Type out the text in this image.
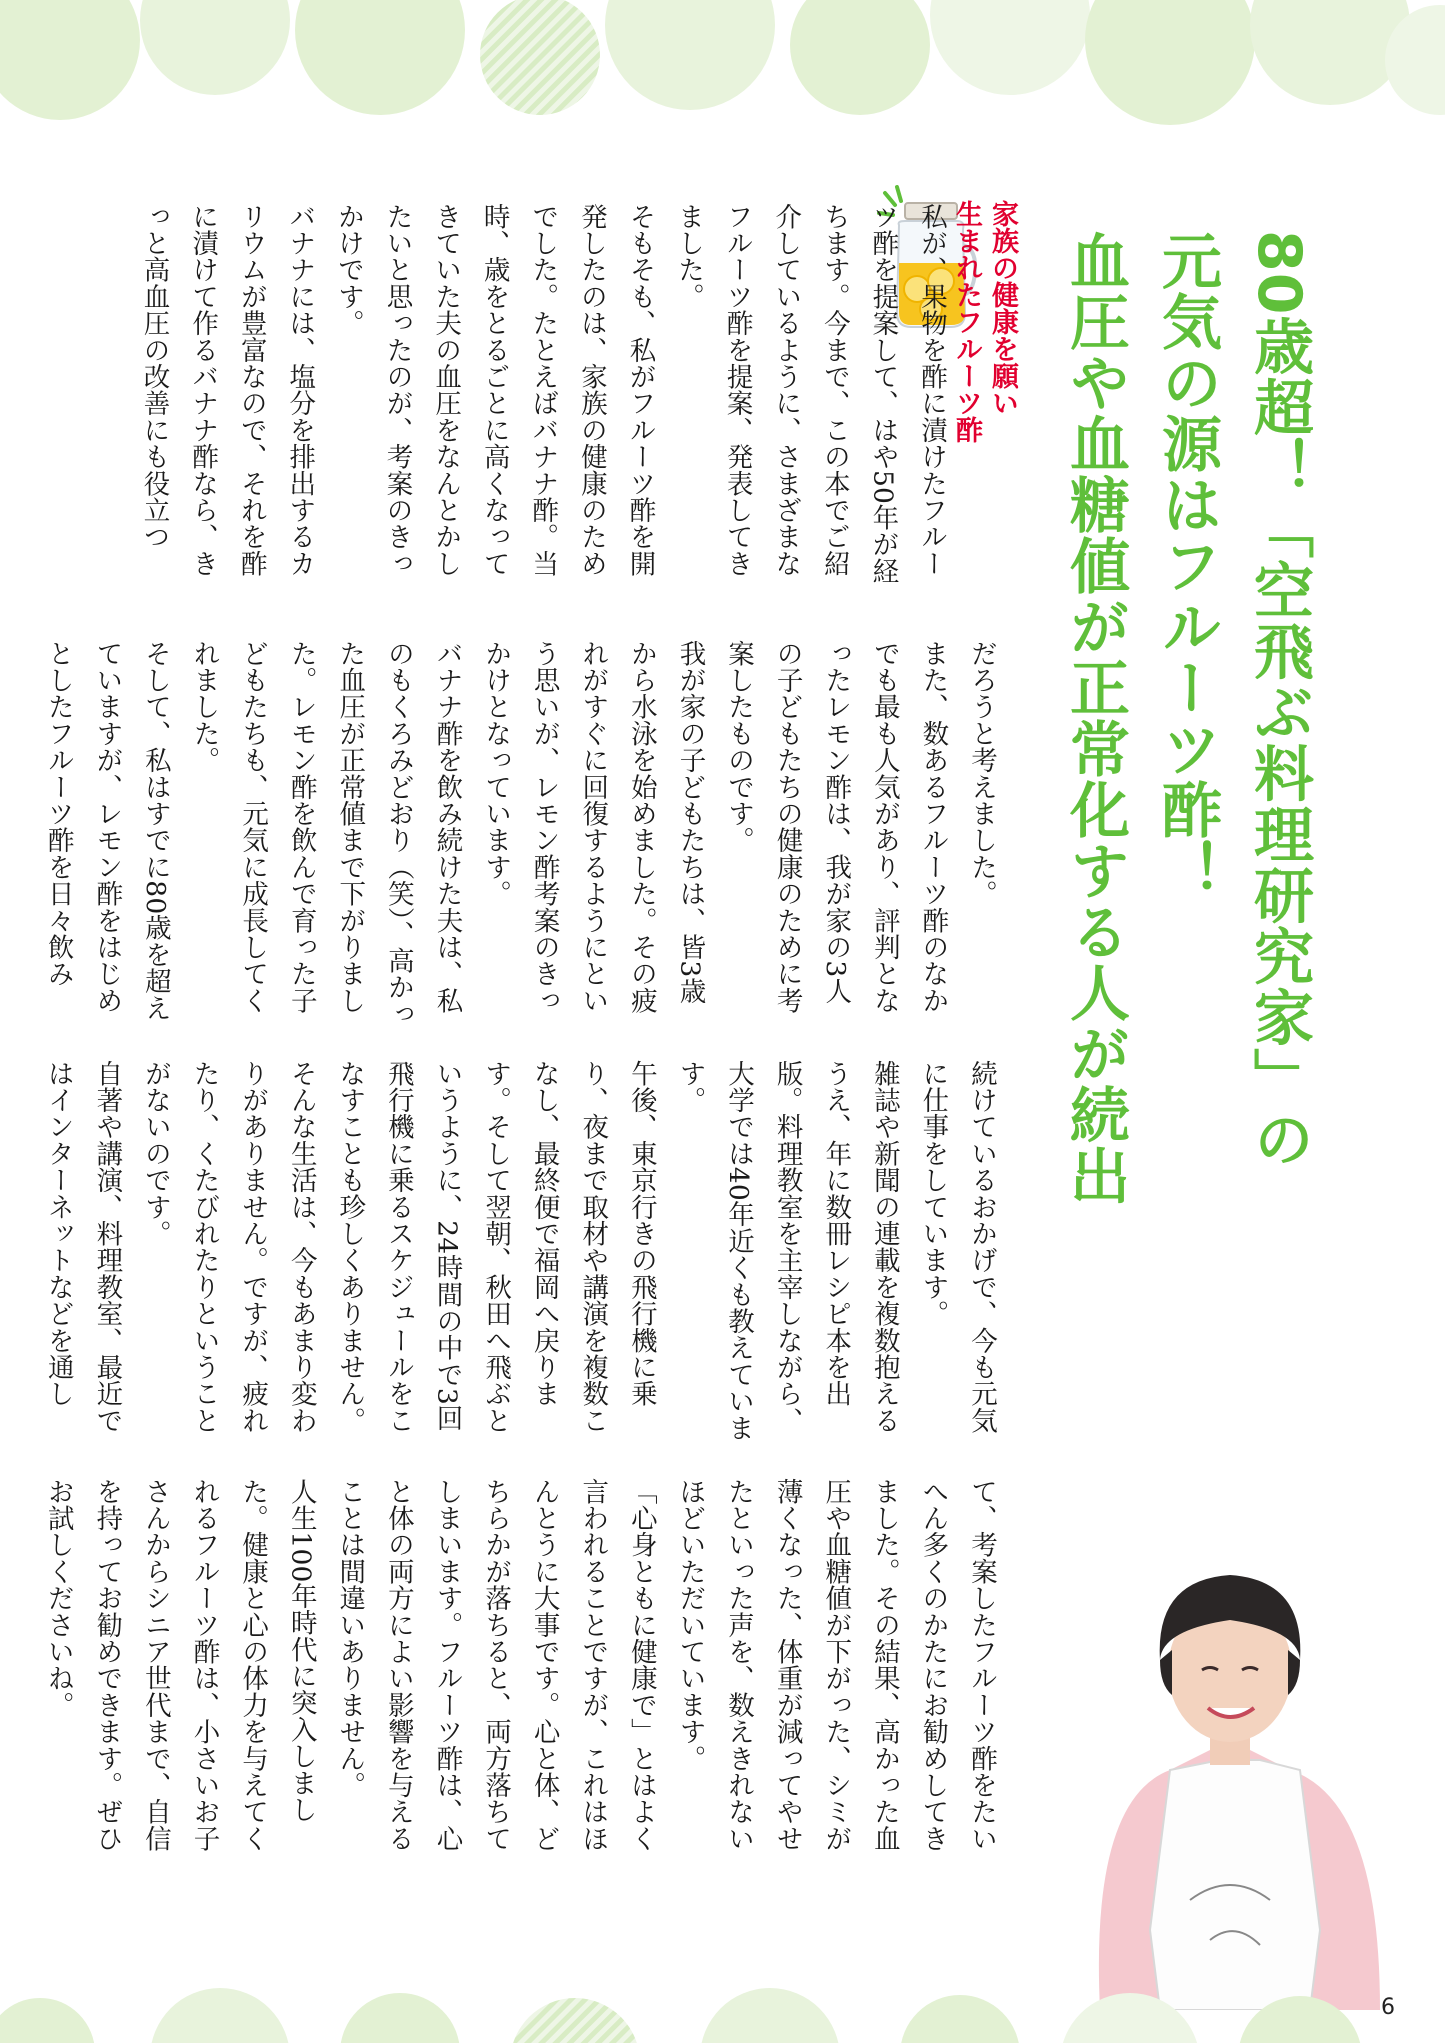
80歳超！「空飛ぶ料理研究家」の
元気の源はフルーツ酢！
血圧や血糖値が正常化する人が続出
家族の健康を願い
生まれたフルーツ酢
私が、果物を酢に漬けたフルーツ酢を提案して、はや50年が経ちます。今まで、この本でご紹介しているように、さまざまなフルーツ酢を提案、発表してきました。
そもそも、私がフルーツ酢を開発したのは、家族の健康のためでした。たとえばバナナ酢。当時、歳をとるごとに高くなってきていた夫の血圧をなんとかしたいと思ったのが、考案のきっかけです。
バナナには、塩分を排出するカリウムが豊富なので、それを酢に漬けて作るバナナ酢なら、きっと高血圧の改善にも役立つ
だろうと考えました。
また、数あるフルーツ酢のなかでも最も人気があり、評判となったレモン酢は、我が家の3人の子どもたちの健康のために考案したものです。
我が家の子どもたちは、皆3歳から水泳を始めました。その疲れがすぐに回復するようにという思いが、レモン酢考案のきっかけとなっています。
バナナ酢を飲み続けた夫は、私のもくろみどおり（笑）、高かった血圧が正常値まで下がりました。レモン酢を飲んで育った子どもたちも、元気に成長してくれました。
そして、私はすでに80歳を超えていますが、レモン酢をはじめとしたフルーツ酢を日々飲み
続けているおかげで、今も元気に仕事をしています。
雑誌や新聞の連載を複数抱えるうえ、年に数冊レシピ本を出版。料理教室を主宰しながら、大学では40年近くも教えています。
午後、東京行きの飛行機に乗り、夜まで取材や講演を複数こなし、最終便で福岡へ戻ります。そして翌朝、秋田へ飛ぶというように、24時間の中で3回飛行機に乗るスケジュールをこなすことも珍しくありません。
そんな生活は、今もあまり変わりがありません。ですが、疲れたり、くたびれたりということがないのです。
自著や講演、料理教室、最近ではインターネットなどを通し
て、考案したフルーツ酢をたいへん多くのかたにお勧めしてきました。その結果、高かった血圧や血糖値が下がった、シミが薄くなった、体重が減ってやせたといった声を、数えきれないほどいただいています。
「心身ともに健康で」とはよく言われることですが、これはほんとうに大事です。心と体、どちらかが落ちると、両方落ちてしまいます。フルーツ酢は、心と体の両方によい影響を与えることは間違いありません。
人生100年時代に突入しました。健康と心の体力を与えてくれるフルーツ酢は、小さいお子さんからシニア世代まで、自信を持ってお勧めできます。ぜひお試しくださいね。
6
